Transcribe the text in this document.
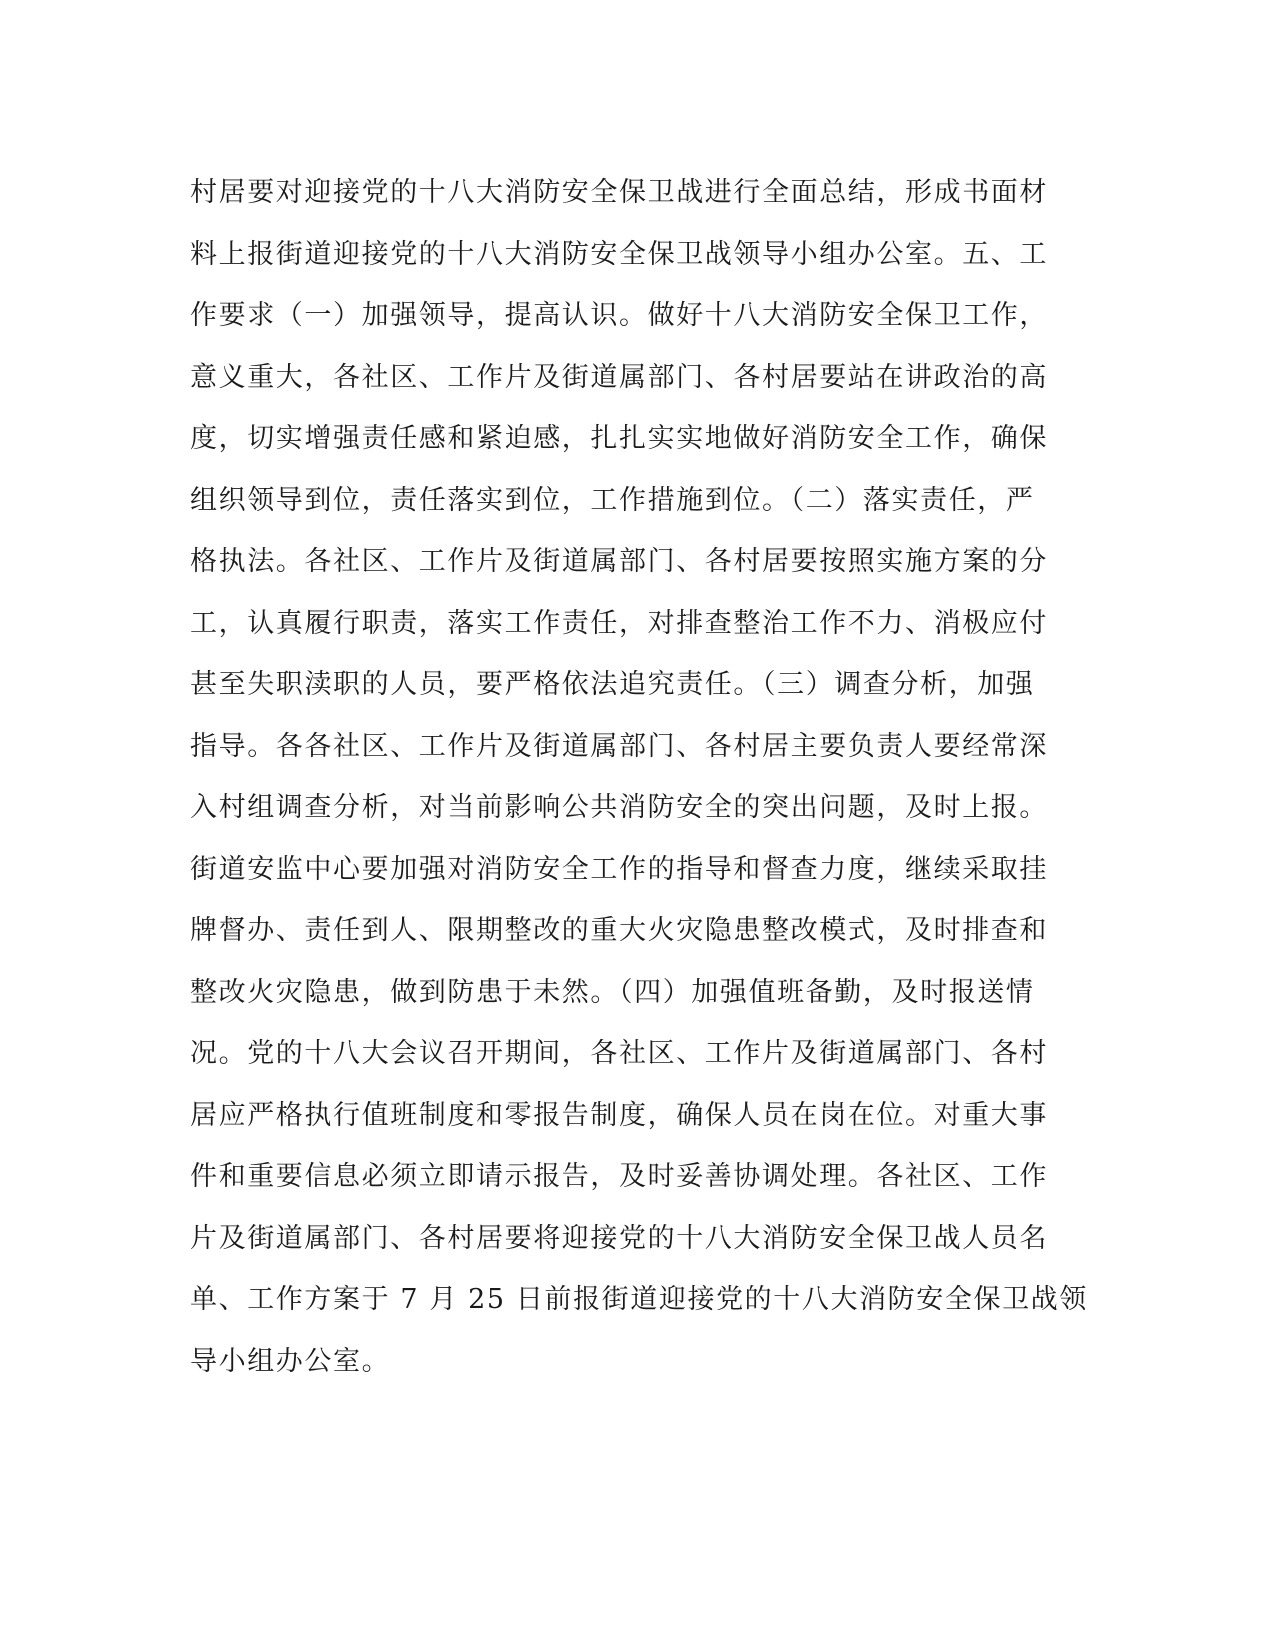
村居要对迎接党的十八大消防安全保卫战进行全面总结，形成书面材
料上报街道迎接党的十八大消防安全保卫战领导小组办公室。五、工
作要求（一）加强领导，提高认识。做好十八大消防安全保卫工作，
意义重大，各社区、工作片及街道属部门、各村居要站在讲政治的高
度，切实增强责任感和紧迫感，扎扎实实地做好消防安全工作，确保
组织领导到位，责任落实到位，工作措施到位。（二）落实责任，严
格执法。各社区、工作片及街道属部门、各村居要按照实施方案的分
工，认真履行职责，落实工作责任，对排查整治工作不力、消极应付
甚至失职渎职的人员，要严格依法追究责任。（三）调查分析，加强
指导。各各社区、工作片及街道属部门、各村居主要负责人要经常深
入村组调查分析，对当前影响公共消防安全的突出问题，及时上报。
街道安监中心要加强对消防安全工作的指导和督查力度，继续采取挂
牌督办、责任到人、限期整改的重大火灾隐患整改模式，及时排查和
整改火灾隐患，做到防患于未然。（四）加强值班备勤，及时报送情
况。党的十八大会议召开期间，各社区、工作片及街道属部门、各村
居应严格执行值班制度和零报告制度，确保人员在岗在位。对重大事
件和重要信息必须立即请示报告，及时妥善协调处理。各社区、工作
片及街道属部门、各村居要将迎接党的十八大消防安全保卫战人员名
单、工作方案于 7 月 25 日前报街道迎接党的十八大消防安全保卫战领
导小组办公室。
